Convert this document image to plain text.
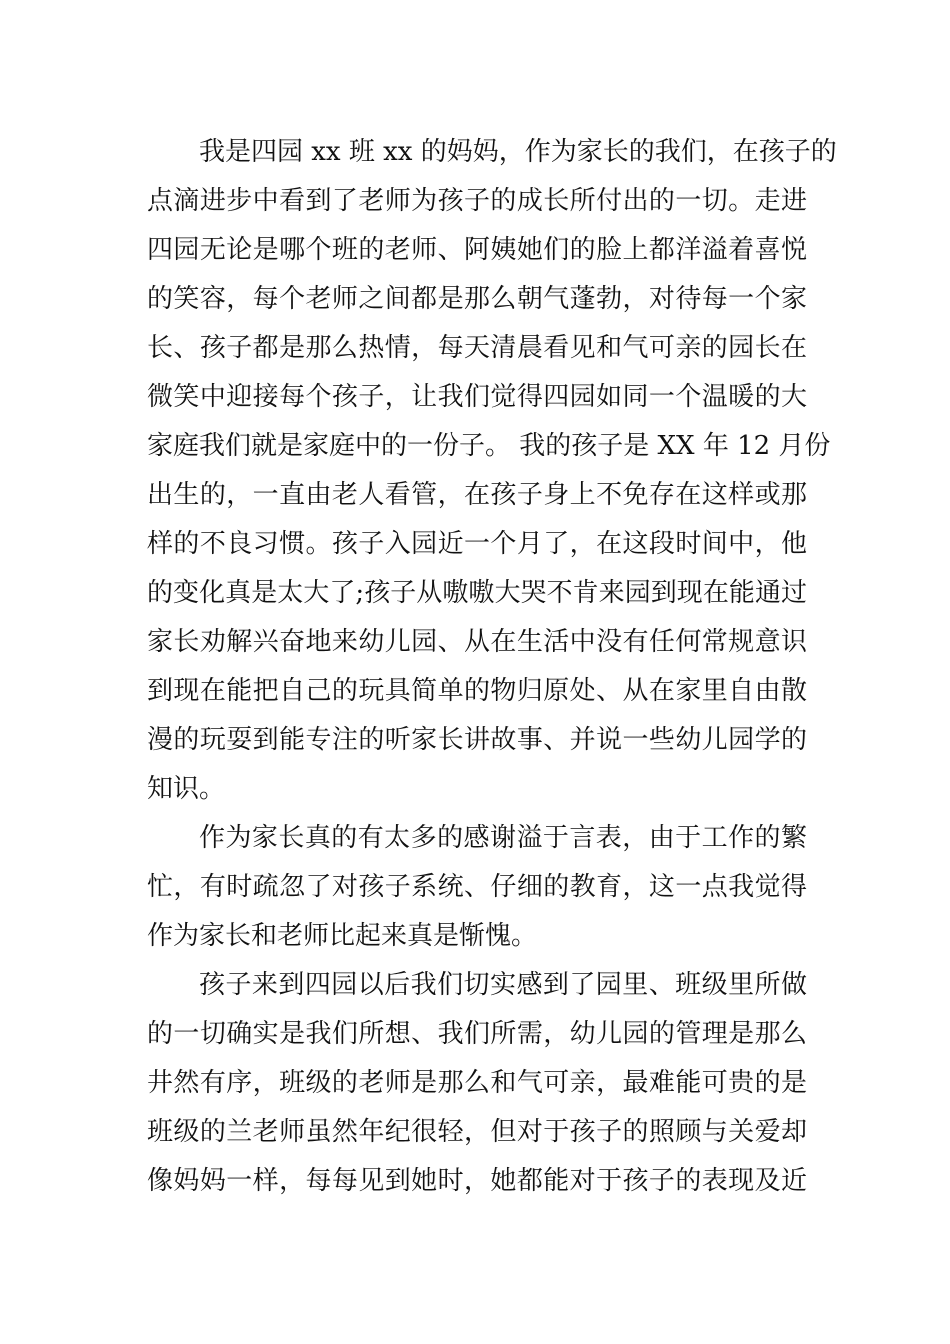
我是四园 xx 班 xx 的妈妈，作为家长的我们，在孩子的
点滴进步中看到了老师为孩子的成长所付出的一切。走进
四园无论是哪个班的老师、阿姨她们的脸上都洋溢着喜悦
的笑容，每个老师之间都是那么朝气蓬勃，对待每一个家
长、孩子都是那么热情，每天清晨看见和气可亲的园长在
微笑中迎接每个孩子，让我们觉得四园如同一个温暖的大
家庭我们就是家庭中的一份子。 我的孩子是 XX 年 12 月份
出生的，一直由老人看管，在孩子身上不免存在这样或那
样的不良习惯。孩子入园近一个月了，在这段时间中，他
的变化真是太大了;孩子从嗷嗷大哭不肯来园到现在能通过
家长劝解兴奋地来幼儿园、从在生活中没有任何常规意识
到现在能把自己的玩具简单的物归原处、从在家里自由散
漫的玩耍到能专注的听家长讲故事、并说一些幼儿园学的
知识。
作为家长真的有太多的感谢溢于言表，由于工作的繁
忙，有时疏忽了对孩子系统、仔细的教育，这一点我觉得
作为家长和老师比起来真是惭愧。
孩子来到四园以后我们切实感到了园里、班级里所做
的一切确实是我们所想、我们所需，幼儿园的管理是那么
井然有序，班级的老师是那么和气可亲，最难能可贵的是
班级的兰老师虽然年纪很轻，但对于孩子的照顾与关爱却
像妈妈一样，每每见到她时，她都能对于孩子的表现及近
